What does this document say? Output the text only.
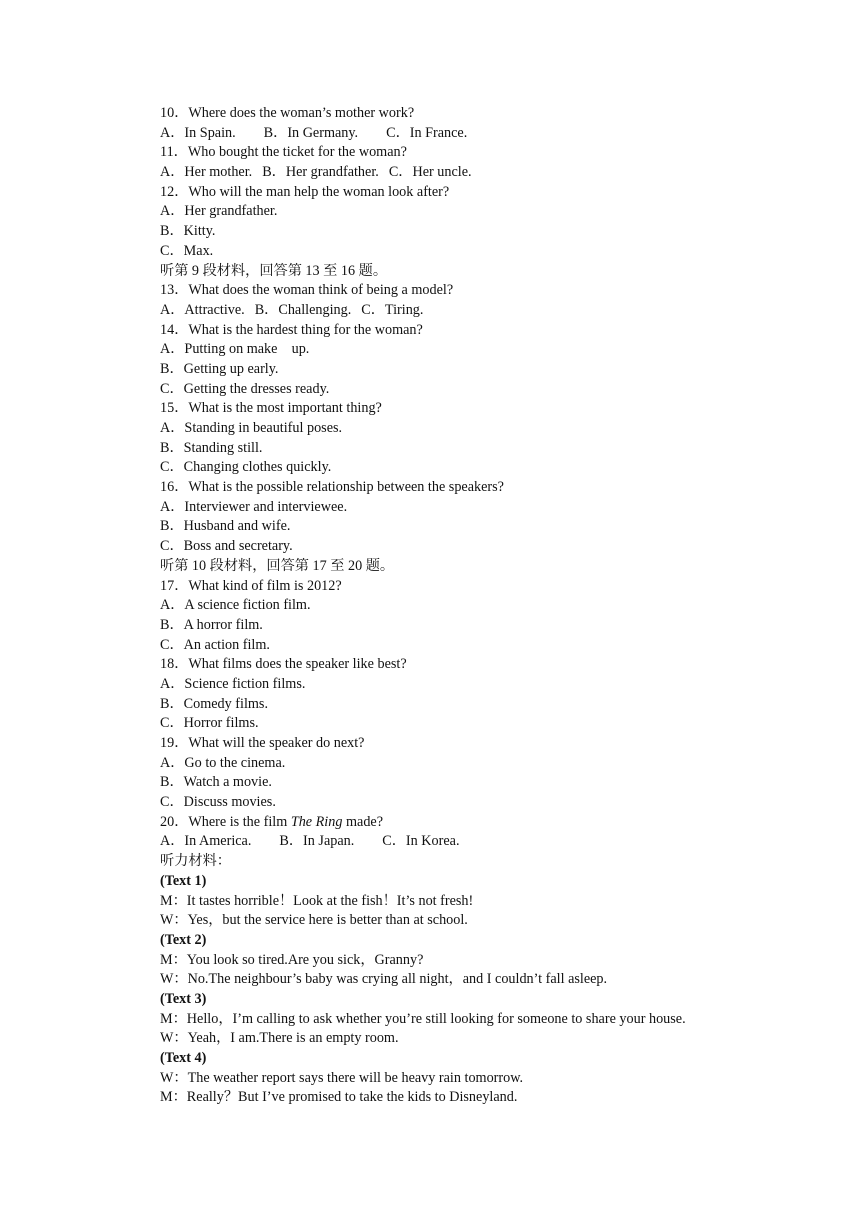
10．Where does the woman’s mother work?
A．In Spain. B．In Germany. C．In France.
11．Who bought the ticket for the woman?
A．Her mother. B．Her grandfather. C．Her uncle.
12．Who will the man help the woman look after?
A．Her grandfather.
B．Kitty.
C．Max.
听第 9 段材料，回答第 13 至 16 题。
13．What does the woman think of being a model?
A．Attractive. B．Challenging. C．Tiring.
14．What is the hardest thing for the woman?
A．Putting on make　up.
B．Getting up early.
C．Getting the dresses ready.
15．What is the most important thing?
A．Standing in beautiful poses.
B．Standing still.
C．Changing clothes quickly.
16．What is the possible relationship between the speakers?
A．Interviewer and interviewee.
B．Husband and wife.
C．Boss and secretary.
听第 10 段材料，回答第 17 至 20 题。
17．What kind of film is 2012?
A．A science fiction film.
B．A horror film.
C．An action film.
18．What films does the speaker like best?
A．Science fiction films.
B．Comedy films.
C．Horror films.
19．What will the speaker do next?
A．Go to the cinema.
B．Watch a movie.
C．Discuss movies.
20．Where is the film The Ring made?
A．In America. B．In Japan. C．In Korea.
听力材料：
(Text 1)
M：It tastes horrible！Look at the fish！It’s not fresh!
W：Yes，but the service here is better than at school.
(Text 2)
M：You look so tired.Are you sick，Granny?
W：No.The neighbour’s baby was crying all night，and I couldn’t fall asleep.
(Text 3)
M：Hello，I’m calling to ask whether you’re still looking for someone to share your house.
W：Yeah，I am.There is an empty room.
(Text 4)
W：The weather report says there will be heavy rain tomorrow.
M：Really？But I’ve promised to take the kids to Disneyland.
